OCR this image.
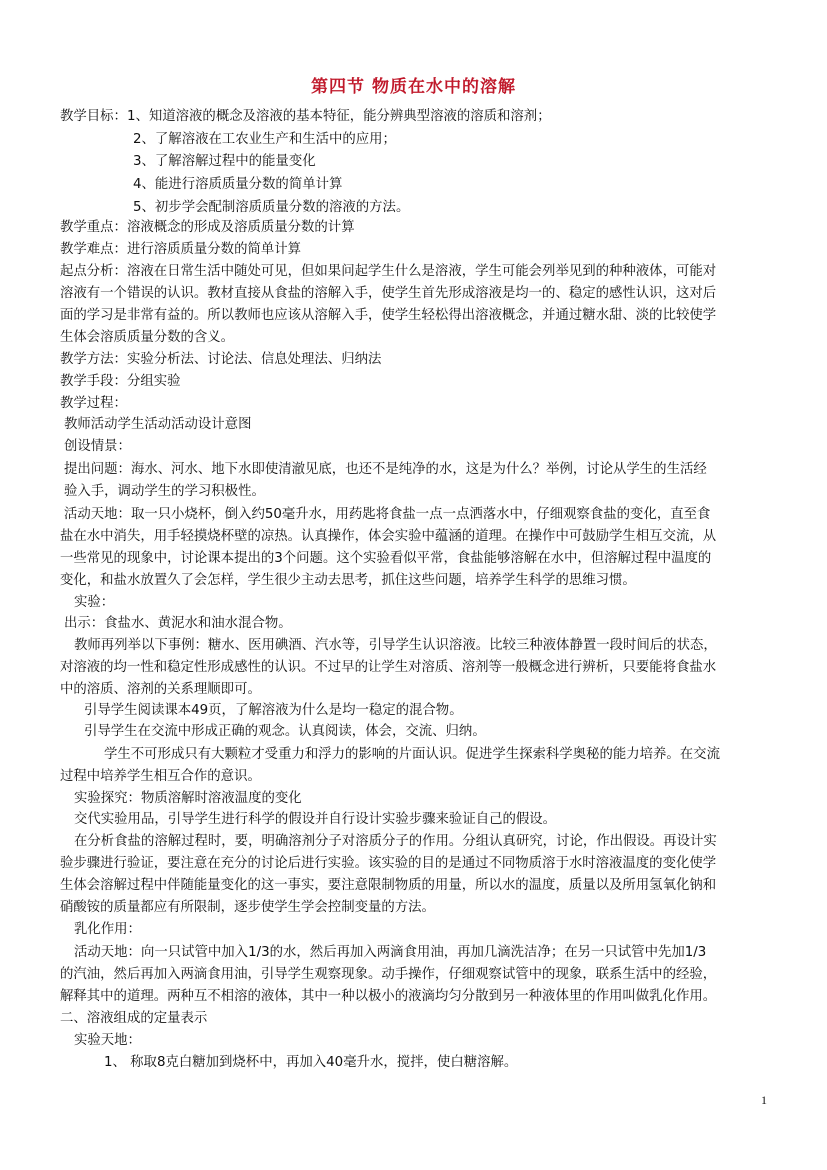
第四节 物质在水中的溶解
教学目标：1、知道溶液的概念及溶液的基本特征，能分辨典型溶液的溶质和溶剂；
2、了解溶液在工农业生产和生活中的应用；
3、了解溶解过程中的能量变化
4、能进行溶质质量分数的简单计算
5、初步学会配制溶质质量分数的溶液的方法。
教学重点：溶液概念的形成及溶质质量分数的计算
教学难点：进行溶质质量分数的简单计算
起点分析：溶液在日常生活中随处可见，但如果问起学生什么是溶液，学生可能会列举见到的种种液体，可能对
溶液有一个错误的认识。教材直接从食盐的溶解入手，使学生首先形成溶液是均一的、稳定的感性认识，这对后
面的学习是非常有益的。所以教师也应该从溶解入手，使学生轻松得出溶液概念，并通过糖水甜、淡的比较使学
生体会溶质质量分数的含义。
教学方法：实验分析法、讨论法、信息处理法、归纳法
教学手段：分组实验
教学过程：
教师活动学生活动活动设计意图
创设情景：
提出问题：海水、河水、地下水即使清澈见底，也还不是纯净的水，这是为什么？举例，讨论从学生的生活经
验入手，调动学生的学习积极性。
活动天地：取一只小烧杯，倒入约50毫升水，用药匙将食盐一点一点洒落水中，仔细观察食盐的变化，直至食
盐在水中消失，用手轻摸烧杯壁的凉热。认真操作，体会实验中蕴涵的道理。在操作中可鼓励学生相互交流，从
一些常见的现象中，讨论课本提出的3个问题。这个实验看似平常，食盐能够溶解在水中，但溶解过程中温度的
变化，和盐水放置久了会怎样，学生很少主动去思考，抓住这些问题，培养学生科学的思维习惯。
实验：
出示：食盐水、黄泥水和油水混合物。
教师再列举以下事例：糖水、医用碘酒、汽水等，引导学生认识溶液。比较三种液体静置一段时间后的状态，
对溶液的均一性和稳定性形成感性的认识。不过早的让学生对溶质、溶剂等一般概念进行辨析，只要能将食盐水
中的溶质、溶剂的关系理顺即可。
引导学生阅读课本49页，了解溶液为什么是均一稳定的混合物。
引导学生在交流中形成正确的观念。认真阅读，体会，交流、归纳。
学生不可形成只有大颗粒才受重力和浮力的影响的片面认识。促进学生探索科学奥秘的能力培养。在交流
过程中培养学生相互合作的意识。
实验探究：物质溶解时溶液温度的变化
交代实验用品，引导学生进行科学的假设并自行设计实验步骤来验证自己的假设。
在分析食盐的溶解过程时，要，明确溶剂分子对溶质分子的作用。分组认真研究，讨论，作出假设。再设计实
验步骤进行验证，要注意在充分的讨论后进行实验。该实验的目的是通过不同物质溶于水时溶液温度的变化使学
生体会溶解过程中伴随能量变化的这一事实，要注意限制物质的用量，所以水的温度，质量以及所用氢氧化钠和
硝酸铵的质量都应有所限制，逐步使学生学会控制变量的方法。
乳化作用：
活动天地：向一只试管中加入1/3的水，然后再加入两滴食用油，再加几滴洗洁净；在另一只试管中先加1/3
的汽油，然后再加入两滴食用油，引导学生观察现象。动手操作，仔细观察试管中的现象，联系生活中的经验，
解释其中的道理。两种互不相溶的液体，其中一种以极小的液滴均匀分散到另一种液体里的作用叫做乳化作用。
二、溶液组成的定量表示
实验天地：
1、 称取8克白糖加到烧杯中，再加入40毫升水，搅拌，使白糖溶解。
1
